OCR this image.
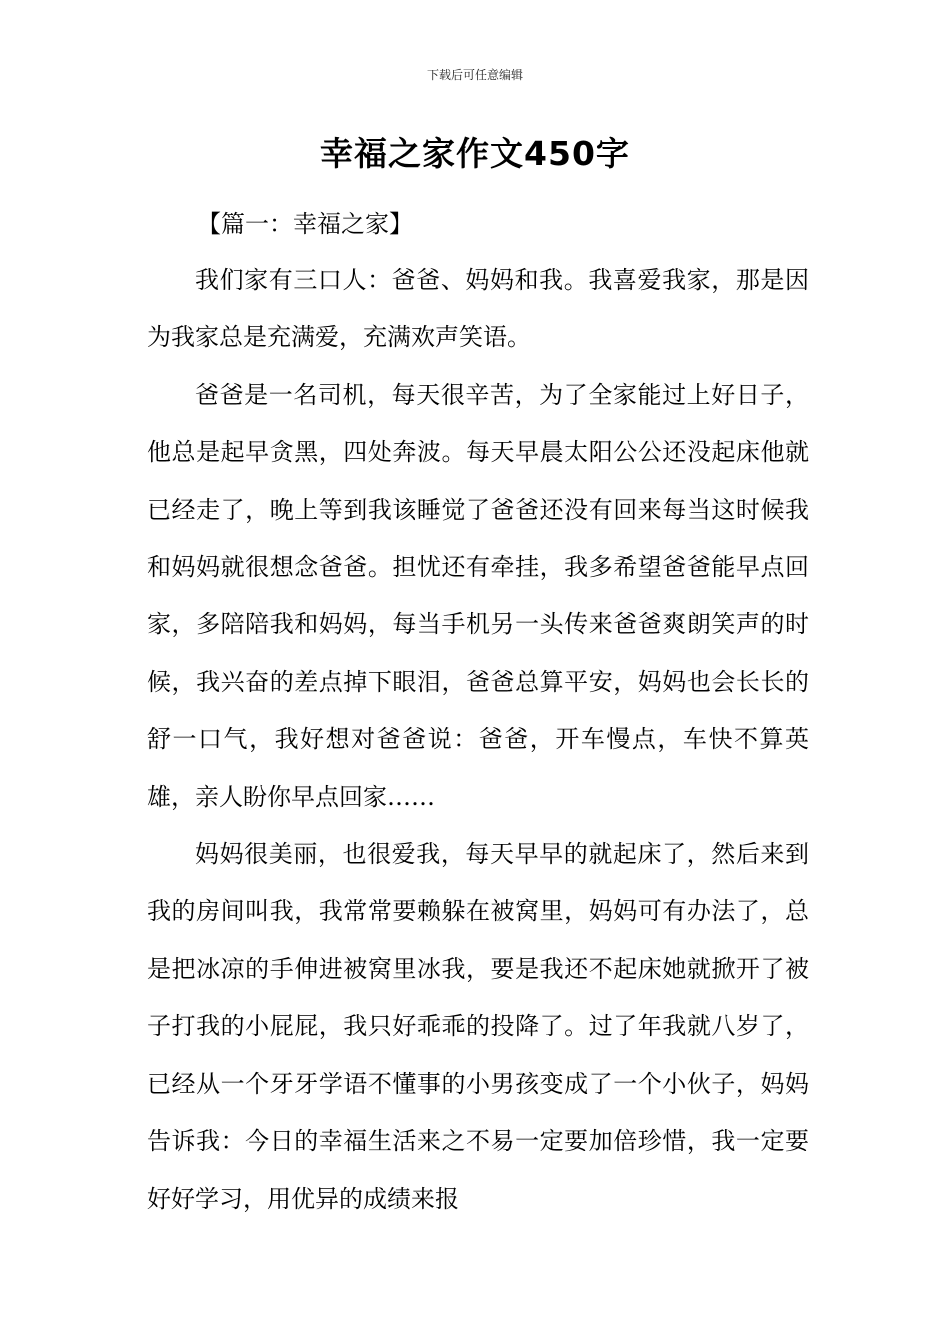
下载后可任意编辑
幸福之家作文450字
【篇一：幸福之家】

我们家有三口人：爸爸、妈妈和我。我喜爱我家，那是因为我家总是充满爱，充满欢声笑语。

爸爸是一名司机，每天很辛苦，为了全家能过上好日子，他总是起早贪黑，四处奔波。每天早晨太阳公公还没起床他就已经走了，晚上等到我该睡觉了爸爸还没有回来每当这时候我和妈妈就很想念爸爸。担忧还有牵挂，我多希望爸爸能早点回家，多陪陪我和妈妈，每当手机另一头传来爸爸爽朗笑声的时候，我兴奋的差点掉下眼泪，爸爸总算平安，妈妈也会长长的舒一口气，我好想对爸爸说：爸爸，开车慢点，车快不算英雄，亲人盼你早点回家……

妈妈很美丽，也很爱我，每天早早的就起床了，然后来到我的房间叫我，我常常要赖躲在被窝里，妈妈可有办法了，总是把冰凉的手伸进被窝里冰我，要是我还不起床她就掀开了被子打我的小屁屁，我只好乖乖的投降了。过了年我就八岁了，已经从一个牙牙学语不懂事的小男孩变成了一个小伙子，妈妈告诉我：今日的幸福生活来之不易一定要加倍珍惜，我一定要好好学习，用优异的成绩来报
